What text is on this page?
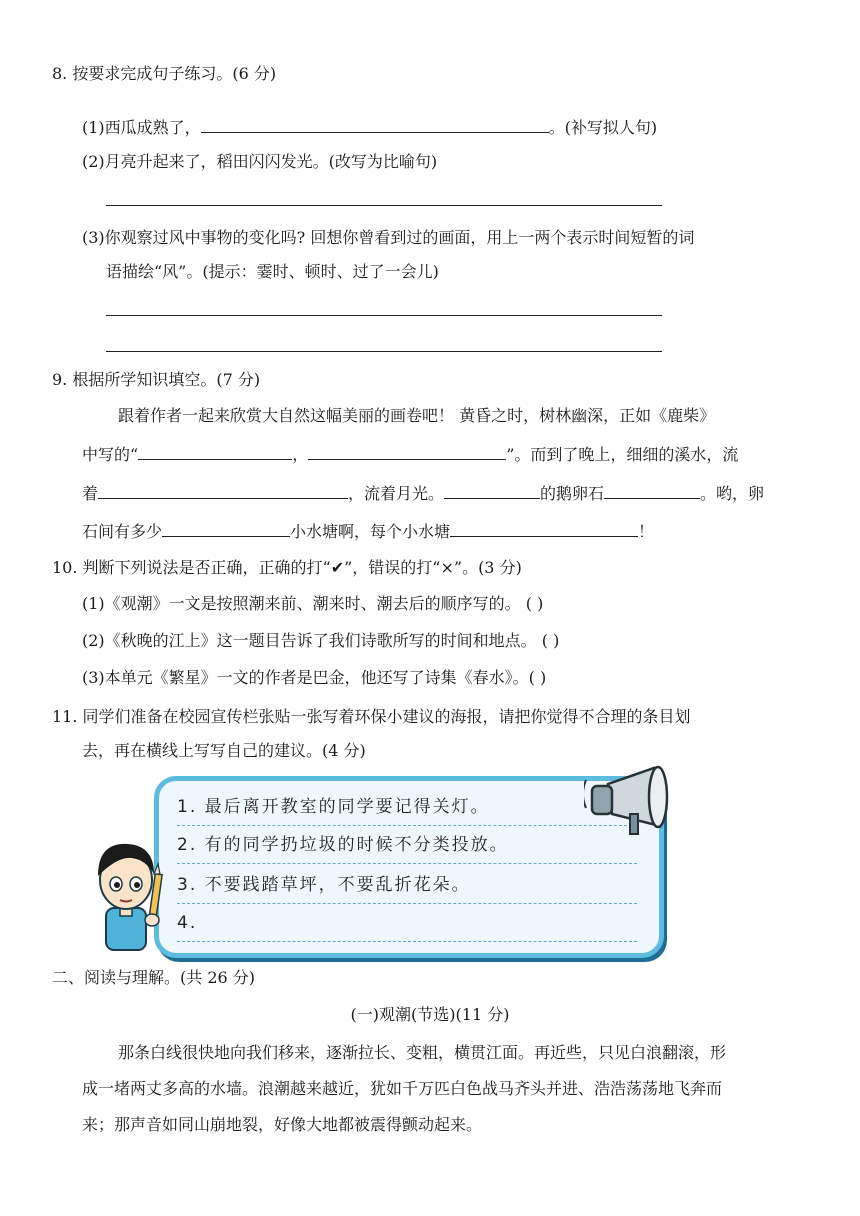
8. 按要求完成句子练习。(6 分)
(1)西瓜成熟了，	。(补写拟人句)
(2)月亮升起来了，稻田闪闪发光。(改写为比喻句)
(3)你观察过风中事物的变化吗? 回想你曾看到过的画面，用上一两个表示时间短暂的词
语描绘“风”。(提示：霎时、顿时、过了一会儿)
9. 根据所学知识填空。(7 分)
跟着作者一起来欣赏大自然这幅美丽的画卷吧！ 黄昏之时，树林幽深，正如《鹿柴》
中写的“	，	”。而到了晚上，细细的溪水，流
着	，流着月光。	的鹅卵石	。哟，卵
石间有多少	小水塘啊，每个小水塘	！
10. 判断下列说法是否正确，正确的打“✔”，错误的打“×”。(3 分)
(1)《观潮》一文是按照潮来前、潮来时、潮去后的顺序写的。 ( )
(2)《秋晚的江上》这一题目告诉了我们诗歌所写的时间和地点。 ( )
(3)本单元《繁星》一文的作者是巴金，他还写了诗集《春水》。( )
11. 同学们准备在校园宣传栏张贴一张写着环保小建议的海报，请把你觉得不合理的条目划
去，再在横线上写写自己的建议。(4 分)
1. 最后离开教室的同学要记得关灯。
2. 有的同学扔垃圾的时候不分类投放。
3. 不要践踏草坪，不要乱折花朵。
4.
二、阅读与理解。(共 26 分)
(一)观潮(节选)(11 分)
那条白线很快地向我们移来，逐渐拉长、变粗，横贯江面。再近些，只见白浪翻滚，形
成一堵两丈多高的水墙。浪潮越来越近，犹如千万匹白色战马齐头并进、浩浩荡荡地飞奔而
来；那声音如同山崩地裂，好像大地都被震得颤动起来。
